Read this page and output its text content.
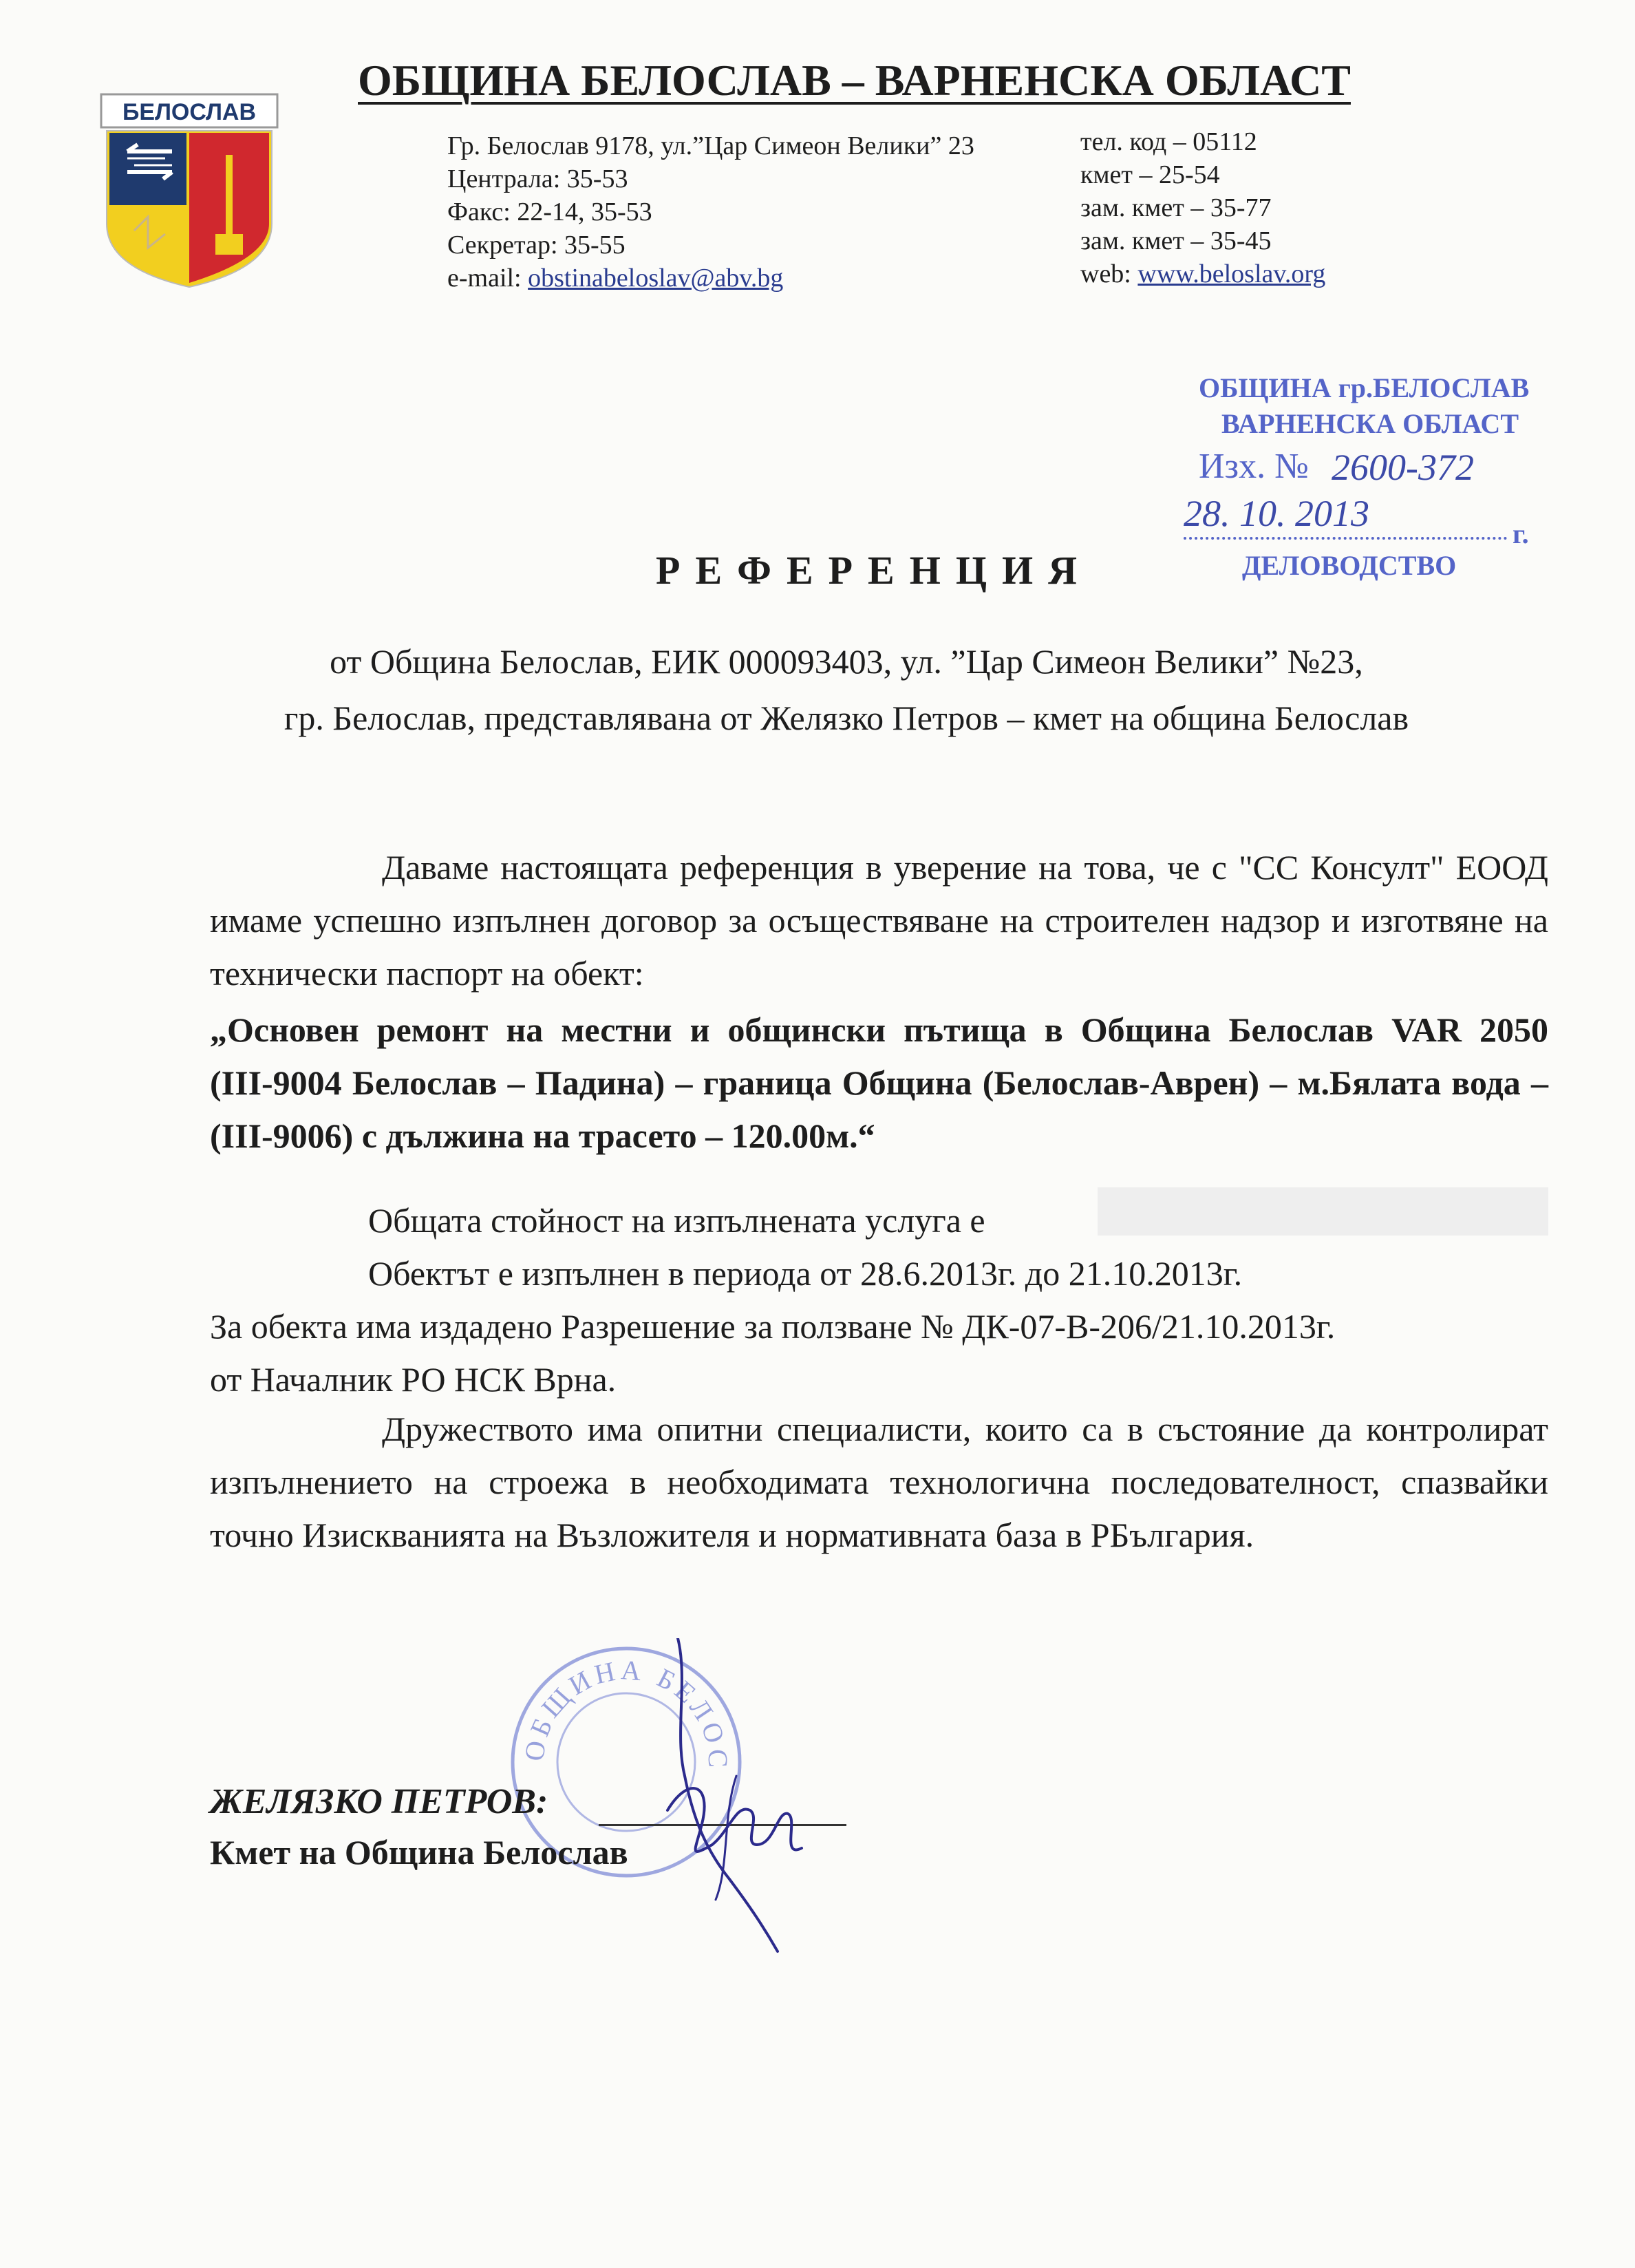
БЕЛОСЛАВ
ОБЩИНА БЕЛОСЛАВ – ВАРНЕНСКА ОБЛАСТ
Гр. Белослав 9178, ул.”Цар Симеон Велики” 23
Централа: 35-53
Факс: 22-14, 35-53
Секретар: 35-55
e-mail: obstinabeloslav@abv.bg
тел. код – 05112
кмет – 25-54
зам. кмет – 35-77
зам. кмет – 35-45
web: www.beloslav.org
ОБЩИНА гр.БЕЛОСЛАВ
ВАРНЕНСКА ОБЛАСТ
Изх. № 2600-372
28. 10. 2013	г.
ДЕЛОВОДСТВО
РЕФЕРЕНЦИЯ
от Община Белослав, ЕИК 000093403, ул. ”Цар Симеон Велики” №23,
гр. Белослав, представлявана от Желязко Петров – кмет на община Белослав
Даваме настоящата референция в уверение на това, че с "СС Консулт" ЕООД имаме успешно изпълнен договор за осъществяване на строителен надзор и изготвяне на технически паспорт на обект:
„Основен ремонт на местни и общински пътища в Община Белослав VAR 2050 (ІІІ-9004 Белослав – Падина) – граница Община (Белослав-Аврен) – м.Бялата вода – (ІІІ-9006) с дължина на трасето – 120.00м.“
Общата стойност на изпълнената услуга е
Обектът е изпълнен в периода от 28.6.2013г. до 21.10.2013г.
За обекта има издадено Разрешение за ползване № ДК-07-В-206/21.10.2013г.
от Началник РО НСК Врна.
Дружеството има опитни специалисти, които са в състояние да контролират изпълнението на строежа в необходимата технологична последователност, спазвайки точно Изискванията на Възложителя и нормативната база в РБългария.
ОБЩИНА БЕЛОС
ЖЕЛЯЗКО ПЕТРОВ:
Кмет на Община Белослав
